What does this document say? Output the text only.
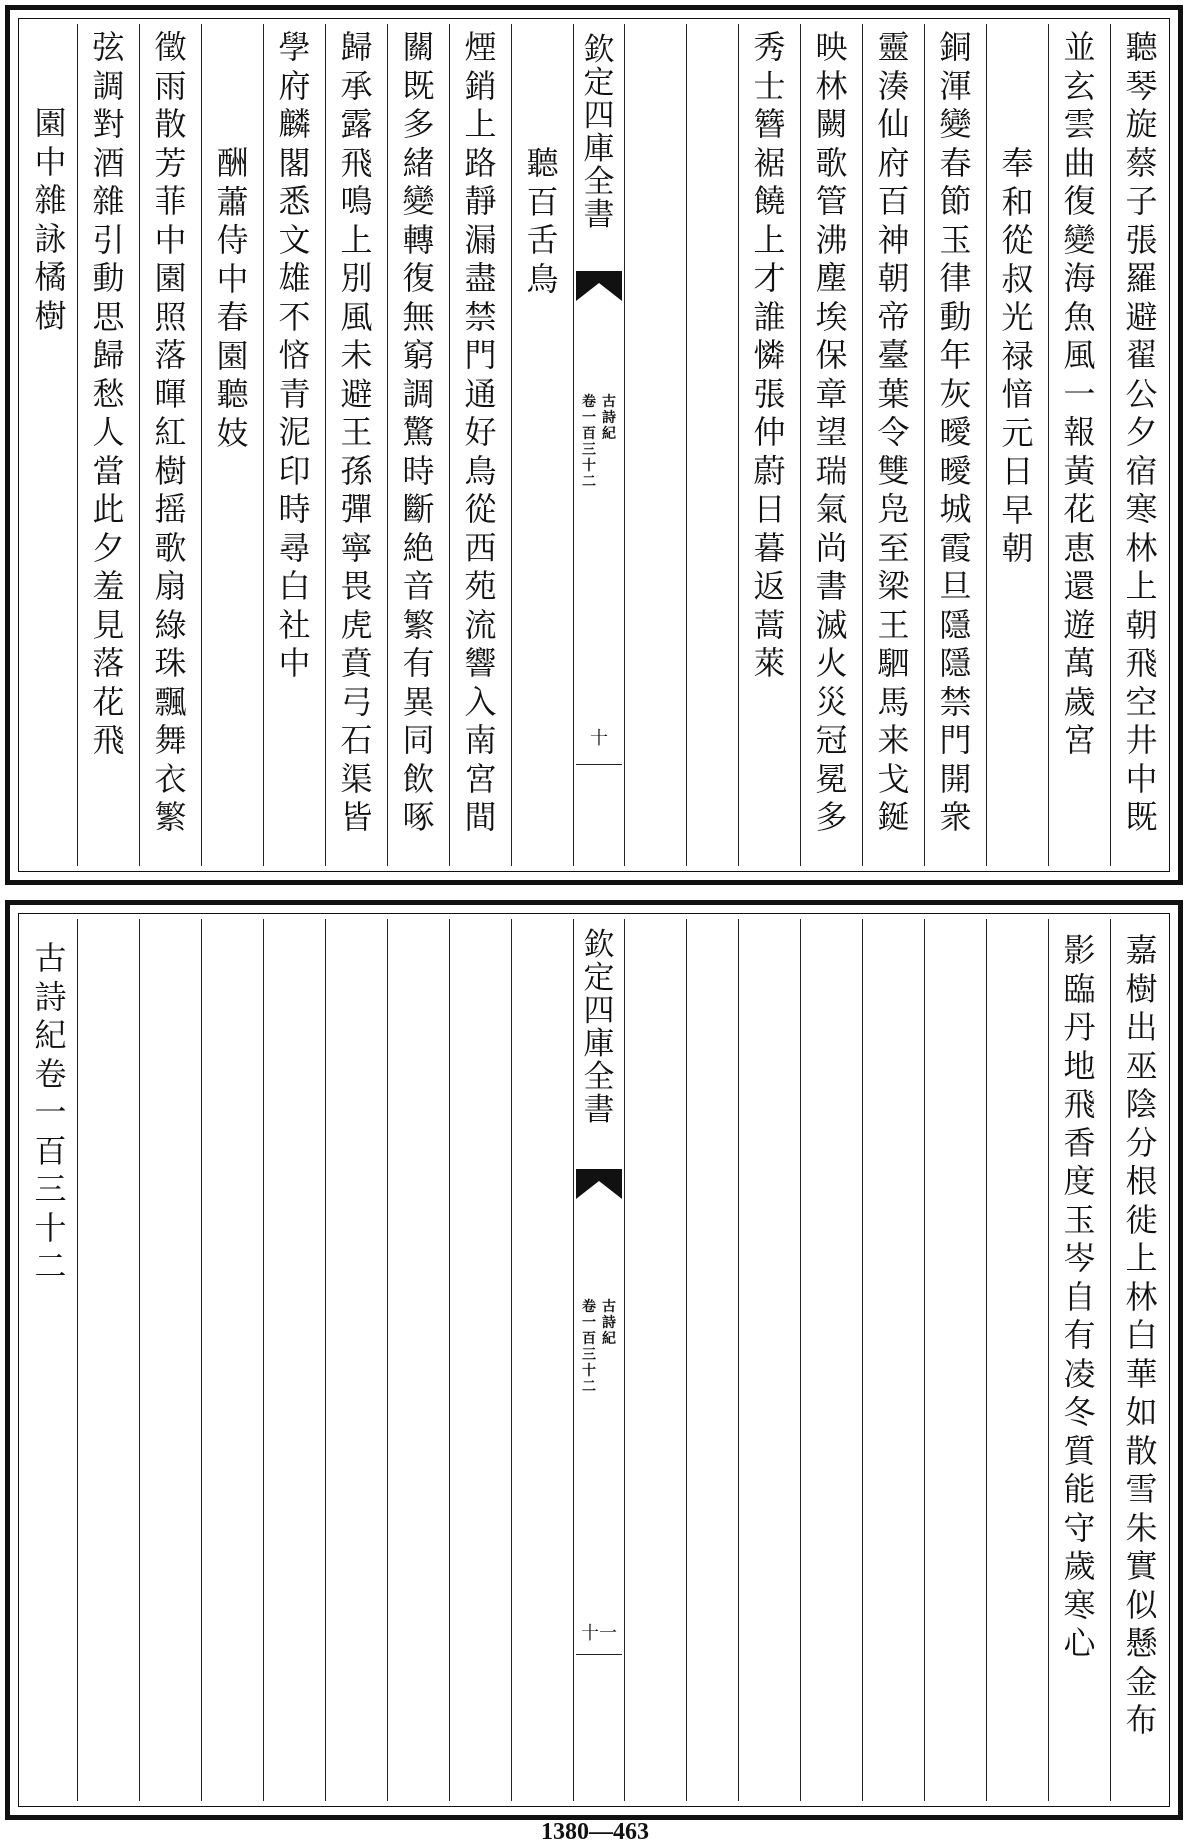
聽
琴
旋
蔡
子
張
羅
避
翟
公
夕
宿
寒
林
上
朝
飛
空
井
中
既
並
玄
雲
曲
復
變
海
魚
風
一
報
黃
花
恵
還
遊
萬
歲
宮
奉
和
從
叔
光
禄
愔
元
日
早
朝
銅
渾
變
春
節
玉
律
動
年
灰
曖
曖
城
霞
旦
隱
隱
禁
門
開
衆
靈
湊
仙
府
百
神
朝
帝
臺
葉
令
雙
凫
至
梁
王
駟
馬
来
戈
鋋
映
林
闕
歌
管
沸
塵
埃
保
章
望
瑞
氣
尚
書
滅
火
災
冠
冕
多
秀
士
簪
裾
饒
上
才
誰
憐
張
仲
蔚
日
暮
返
蒿
萊
欽
定
四
庫
全
書
古
詩
紀
卷
一
百
三
十
二
十
聽
百
舌
鳥
煙
銷
上
路
靜
漏
盡
禁
門
通
好
鳥
從
西
苑
流
響
入
南
宮
間
關
既
多
緒
變
轉
復
無
窮
調
驚
時
斷
絶
音
繁
有
異
同
飲
啄
歸
承
露
飛
鳴
上
別
風
未
避
王
孫
彈
寧
畏
虎
賁
弓
石
渠
皆
學
府
麟
閣
悉
文
雄
不
悋
青
泥
印
時
尋
白
社
中
酬
蕭
侍
中
春
園
聽
妓
徵
雨
散
芳
菲
中
園
照
落
暉
紅
樹
摇
歌
扇
綠
珠
飄
舞
衣
繁
弦
調
對
酒
雜
引
動
思
歸
愁
人
當
此
夕
羞
見
落
花
飛
園
中
雜
詠
橘
樹
嘉
樹
出
巫
陰
分
根
徙
上
林
白
華
如
散
雪
朱
實
似
懸
金
布
影
臨
丹
地
飛
香
度
玉
岑
自
有
凌
冬
質
能
守
歲
寒
心
欽
定
四
庫
全
書
古
詩
紀
卷
一
百
三
十
二
十一
古
詩
紀
卷
一
百
三
十
二
1380—463
